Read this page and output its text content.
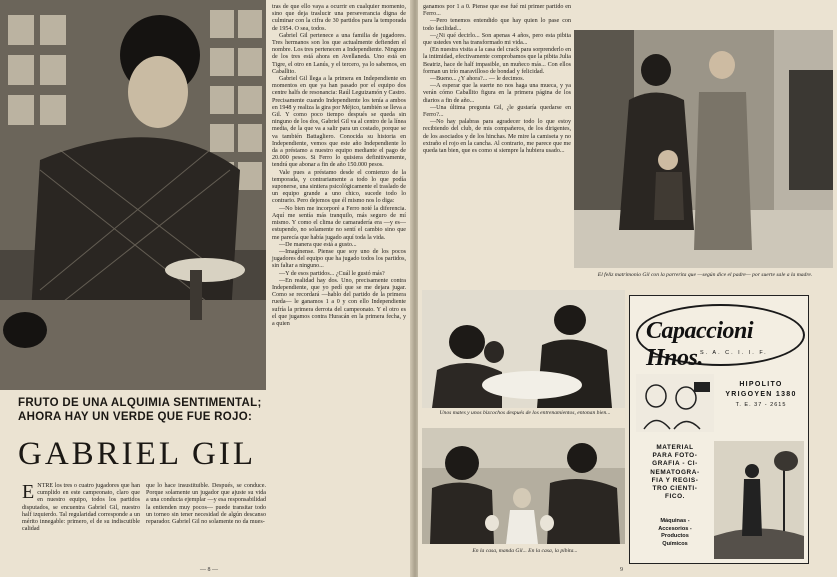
tras de que ello vaya a ocurrir en cualquier momento, sino que deja traslucir una perseverancia digna de culminar con la cifra de 30 partidos para la temporada de 1954. O sea, todos.

Gabriel Gil pertenece a una familia de jugadores. Tres hermanos son los que actualmente defienden el nombre. Los tres pertenecen a Independiente. Ninguno de los tres está ahora en Avellaneda. Uno está en Tigre, el otro en Lanús, y el tercero, ya lo sabemos, en Caballito.

Gabriel Gil llega a la primera en Independiente en momentos en que ya han pasado por el equipo dos centre halfs de resonancia: Raúl Leguizamón y Castro. Precisamente cuando Independiente los tenía a ambos en 1948 y realiza la gira por Méjico, también se lleva a Gil. Y como poco tiempo después se queda sin ninguno de los dos, Gabriel Gil va al centro de la línea media, de la que va a salir para un costado, porque se va también Battagliero. Conocida su historia en Independiente, vemos que este año Independiente lo da a préstamo a nuestro equipo mediante el pago de 20.000 pesos. Si Ferro lo quisiera definitivamente, tendrá que abonar a fin de año 150.000 pesos.

Vale pues a préstamo desde el comienzo de la temporada, y contrariamente a todo lo que podía suponerse, una sintiera psicológicamente el traslado de un equipo grande a uno chico, sucede todo lo contrario. Pero dejemos que él mismo nos lo diga:

—No bien me incorporé a Ferro noté la diferencia. Aquí me sentía más tranquilo, más seguro de mí mismo. Y como el clima de camaradería era —y es— estupendo, no solamente no sentí el cambio sino que me parecía que había jugado aquí toda la vida.

—De manera que está a gusto...

—Imagínense. Piense que soy uno de los pocos jugadores del equipo que ha jugado todos los partidos, sin faltar a ninguno...

—Y de esos partidos... ¿Cuál le gustó más?

—En realidad hay dos. Uno, precisamente contra Independiente, que yo pedí que se me dejara jugar. Como se recordará —hablo del partido de la primera rueda— le ganamos 1 a 0 y con ello Independiente sufría la primera derrota del campeonato. Y el otro es el que jugamos contra Huracán en la primera fecha, y a quien

FRUTO DE UNA ALQUIMIA SENTIMENTAL; AHORA HAY UN VERDE QUE FUE ROJO:
GABRIEL GIL
ENTRE los tres o cuatro jugadores que han cumplido en este campeonato, claro que en nuestro equipo, todos los partidos disputados, se encuentra Gabriel Gil, nuestro half izquierdo. Tal regularidad corresponde a un mérito innegable: primero, el de su indiscutible calidad
que lo hace insustituible. Después, se conduce. Porque solamente un jugador que ajuste su vida a una conducta ejemplar —y esa responsabilidad la entienden muy pocos— puede transitar todo un torneo sin tener necesidad de algún descanso reparador. Gabriel Gil no solamente no da mues-
— 8 —

ganamos por 1 a 0. Piense que ese fué mi primer partido en Ferro...

—Pero tenemos entendido que hay quien lo pase con todo facilidad...

—¿Ni qué decirlo... Son apenas 4 años, pero esta pibita que ustedes ven ha transformado mi vida...

(En nuestra visita a la casa del crack para sorprenderlo en la intimidad, efectivamente comprobamos que la pibita Julia Beatriz, hace de half impasible, un muñeco más... Con ellos forman un trío maravilloso de bondad y felicidad.

—Bueno... ¿Y ahora?... — le decimos.

—A esperar que la suerte no nos haga una mueca, y ya verán cómo Caballito figura en la primera página de los diarios a fin de año...

—Una última pregunta Gil, ¿le gustaría quedarse en Ferro?...

—No hay palabras para agradecer todo lo que estoy recibiendo del club, de mis compañeros, de los dirigentes, de los asociados y de los hinchas. Me mire la camiseta y no extraño el rojo en la cancha. Al contrario, me parece que me queda tan bien, que es como si siempre la hubiera usado...

El feliz matrimonio Gil con la parrerita que —según dice el padre— por suerte sale a la madre.
Unos mates y unos bizcochos después de los entrenamientos, entonan bien...
En la casa, manda Gil... En la casa, la pibita...
Capaccioni Hnos.
S. A. C. I. I. F.
HIPOLITO
YRIGOYEN 1380
T. E. 37 - 2615
MATERIAL
PARA FOTO-
GRAFIA - CI-
NEMATOGRA-
FIA Y REGIS-
TRO CIENTI-
FICO.
Máquinas -
Accesorios -
Productos
Químicos
9
